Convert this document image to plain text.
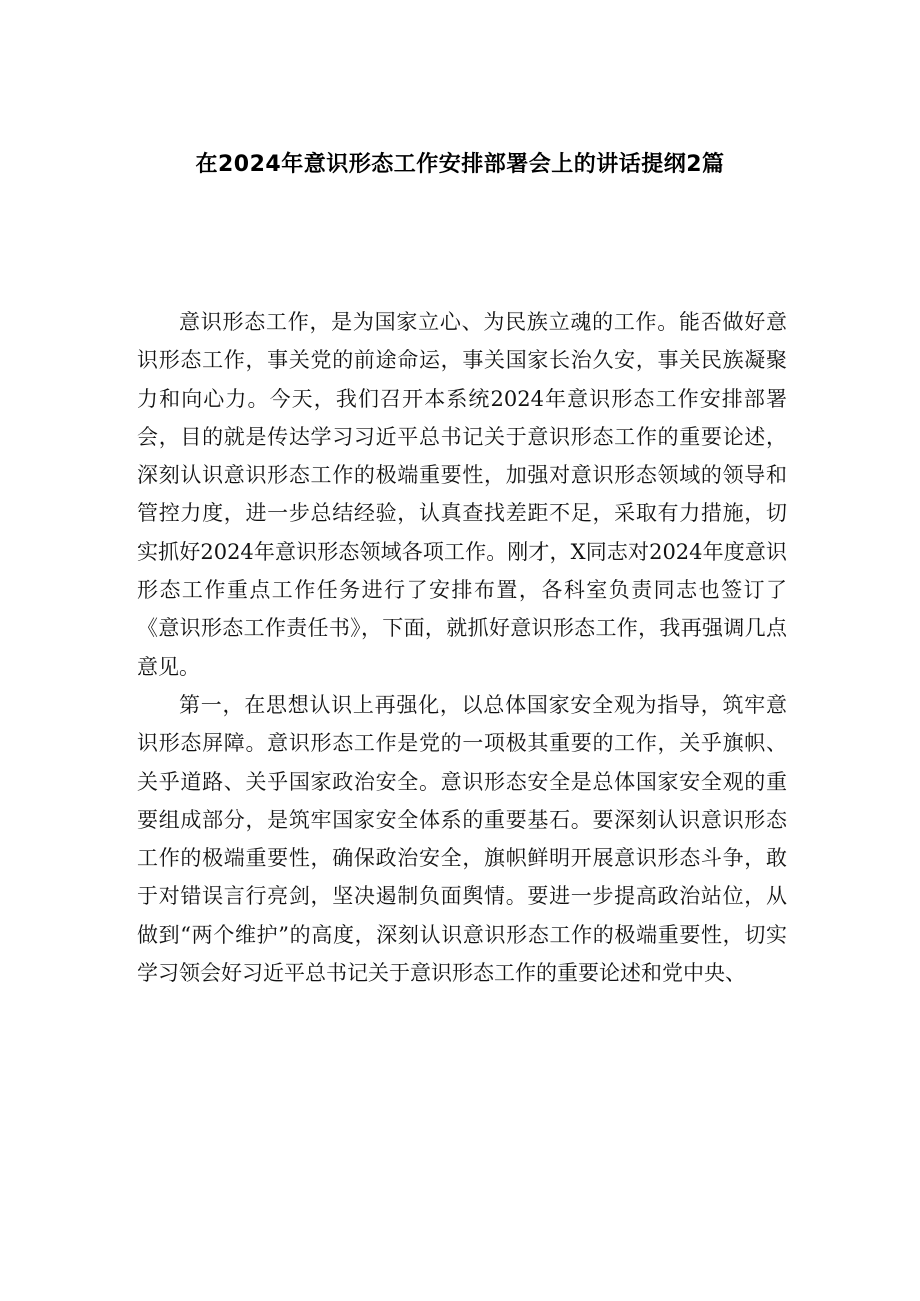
在2024年意识形态工作安排部署会上的讲话提纲2篇

意识形态工作，是为国家立心、为民族立魂的工作。能否做好意识形态工作，事关党的前途命运，事关国家长治久安，事关民族凝聚力和向心力。今天，我们召开本系统2024年意识形态工作安排部署会，目的就是传达学习习近平总书记关于意识形态工作的重要论述，深刻认识意识形态工作的极端重要性，加强对意识形态领域的领导和管控力度，进一步总结经验，认真查找差距不足，采取有力措施，切实抓好2024年意识形态领域各项工作。刚才，X同志对2024年度意识形态工作重点工作任务进行了安排布置，各科室负责同志也签订了《意识形态工作责任书》，下面，就抓好意识形态工作，我再强调几点意见。

第一，在思想认识上再强化，以总体国家安全观为指导，筑牢意识形态屏障。意识形态工作是党的一项极其重要的工作，关乎旗帜、关乎道路、关乎国家政治安全。意识形态安全是总体国家安全观的重要组成部分，是筑牢国家安全体系的重要基石。要深刻认识意识形态工作的极端重要性，确保政治安全，旗帜鲜明开展意识形态斗争，敢于对错误言行亮剑，坚决遏制负面舆情。要进一步提高政治站位，从做到“两个维护”的高度，深刻认识意识形态工作的极端重要性，切实学习领会好习近平总书记关于意识形态工作的重要论述和党中央、
